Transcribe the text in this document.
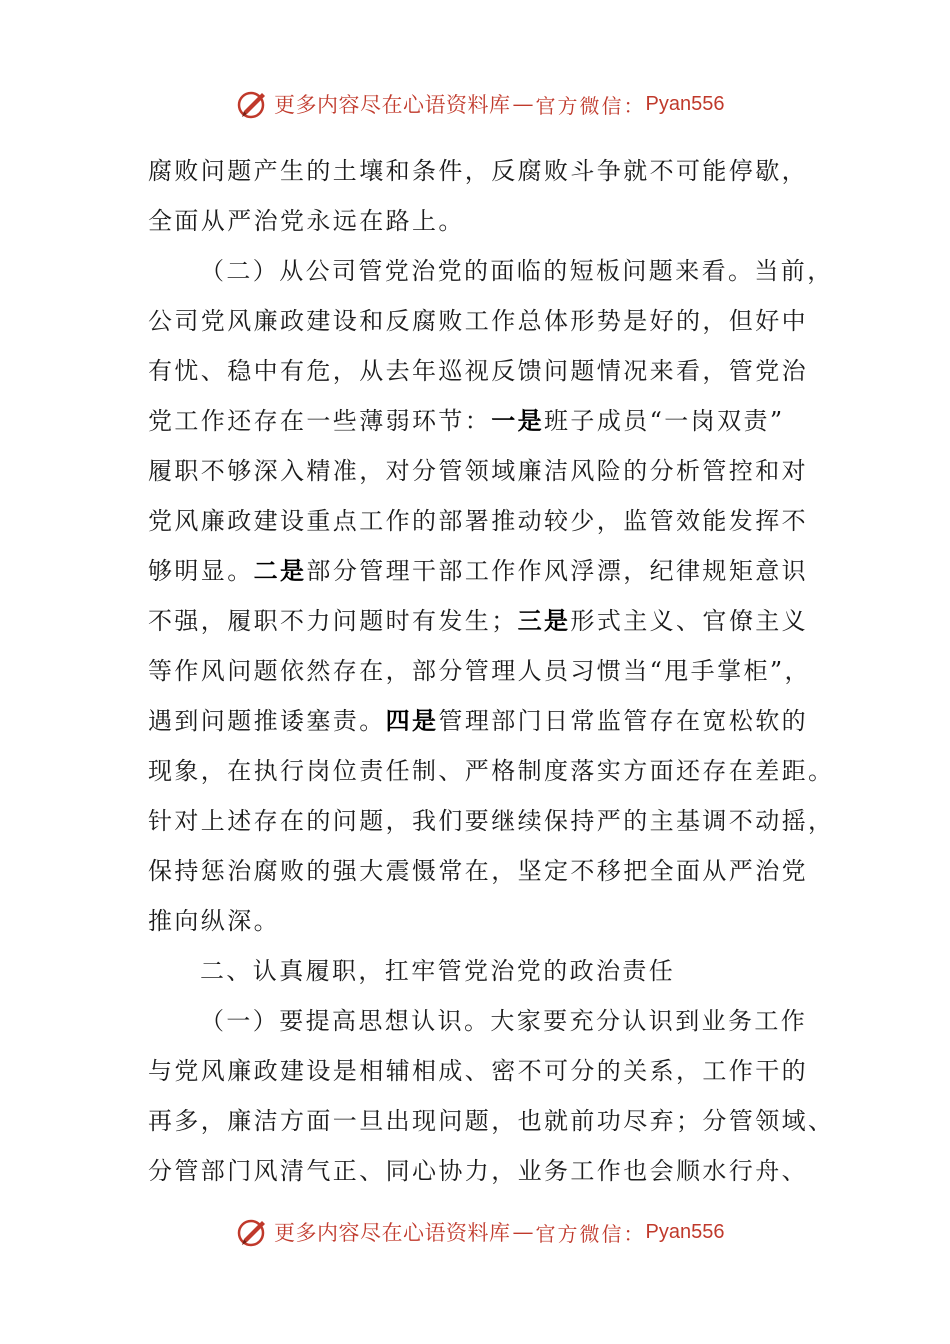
更多内容尽在心语资料库 — 官方微信： Pyan556
腐败问题产生的土壤和条件，反腐败斗争就不可能停歇，
全面从严治党永远在路上。
（二）从公司管党治党的面临的短板问题来看。当前，
公司党风廉政建设和反腐败工作总体形势是好的，但好中
有忧、稳中有危，从去年巡视反馈问题情况来看，管党治
党工作还存在一些薄弱环节：一是班子成员“一岗双责”
履职不够深入精准，对分管领域廉洁风险的分析管控和对
党风廉政建设重点工作的部署推动较少，监管效能发挥不
够明显。二是部分管理干部工作作风浮漂，纪律规矩意识
不强，履职不力问题时有发生；三是形式主义、官僚主义
等作风问题依然存在，部分管理人员习惯当“甩手掌柜”，
遇到问题推诿塞责。四是管理部门日常监管存在宽松软的
现象，在执行岗位责任制、严格制度落实方面还存在差距。
针对上述存在的问题，我们要继续保持严的主基调不动摇，
保持惩治腐败的强大震慑常在，坚定不移把全面从严治党
推向纵深。
二、认真履职，扛牢管党治党的政治责任
（一）要提高思想认识。大家要充分认识到业务工作
与党风廉政建设是相辅相成、密不可分的关系，工作干的
再多，廉洁方面一旦出现问题，也就前功尽弃；分管领域、
分管部门风清气正、同心协力，业务工作也会顺水行舟、
更多内容尽在心语资料库 — 官方微信： Pyan556
